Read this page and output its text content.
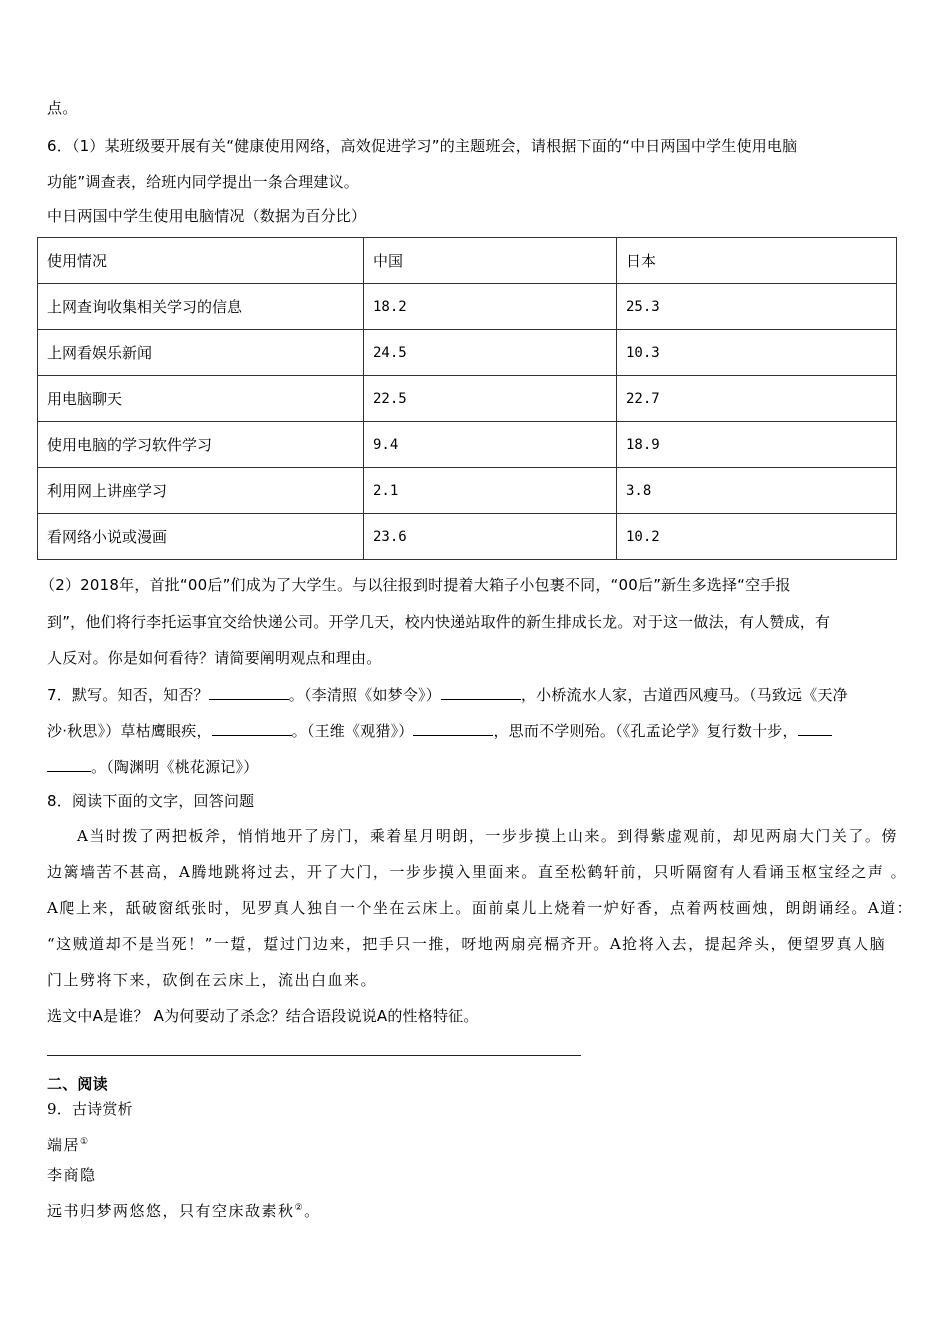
点。
6．（1）某班级要开展有关“健康使用网络，高效促进学习”的主题班会，请根据下面的“中日两国中学生使用电脑
功能”调查表，给班内同学提出一条合理建议。
中日两国中学生使用电脑情况（数据为百分比）
使用情况	中国	日本
上网查询收集相关学习的信息	18.2	25.3
上网看娱乐新闻	24.5	10.3
用电脑聊天	22.5	22.7
使用电脑的学习软件学习	9.4	18.9
利用网上讲座学习	2.1	3.8
看网络小说或漫画	23.6	10.2
（2）2018年，首批“00后”们成为了大学生。与以往报到时提着大箱子小包裹不同，“00后”新生多选择“空手报
到”，他们将行李托运事宜交给快递公司。开学几天，校内快递站取件的新生排成长龙。对于这一做法，有人赞成，有
人反对。你是如何看待？请简要阐明观点和理由。
7．默写。知否，知否？	。（李清照《如梦令》）	，小桥流水人家，古道西风瘦马。（马致远《天净
沙·秋思》）草枯鹰眼疾，	。（王维《观猎》）	，思而不学则殆。（《孔孟论学》复行数十步，
。（陶渊明《桃花源记》）
8．阅读下面的文字，回答问题
A当时拨了两把板斧，悄悄地开了房门，乘着星月明朗，一步步摸上山来。到得紫虚观前，却见两扇大门关了。傍
边篱墙苦不甚高，A腾地跳将过去，开了大门，一步步摸入里面来。直至松鹤轩前，只听隔窗有人看诵玉枢宝经之声 。
A爬上来，舐破窗纸张时，见罗真人独自一个坐在云床上。面前桌儿上烧着一炉好香，点着两枝画烛，朗朗诵经。A道：
“这贼道却不是当死！”一踅，踅过门边来，把手只一推，呀地两扇亮槅齐开。A抢将入去，提起斧头，便望罗真人脑
门上劈将下来，砍倒在云床上，流出白血来。
选文中A是谁？ A为何要动了杀念？结合语段说说A的性格特征。
二、阅读
9．古诗赏析
端居①
李商隐
远书归梦两悠悠，只有空床敌素秋②。
